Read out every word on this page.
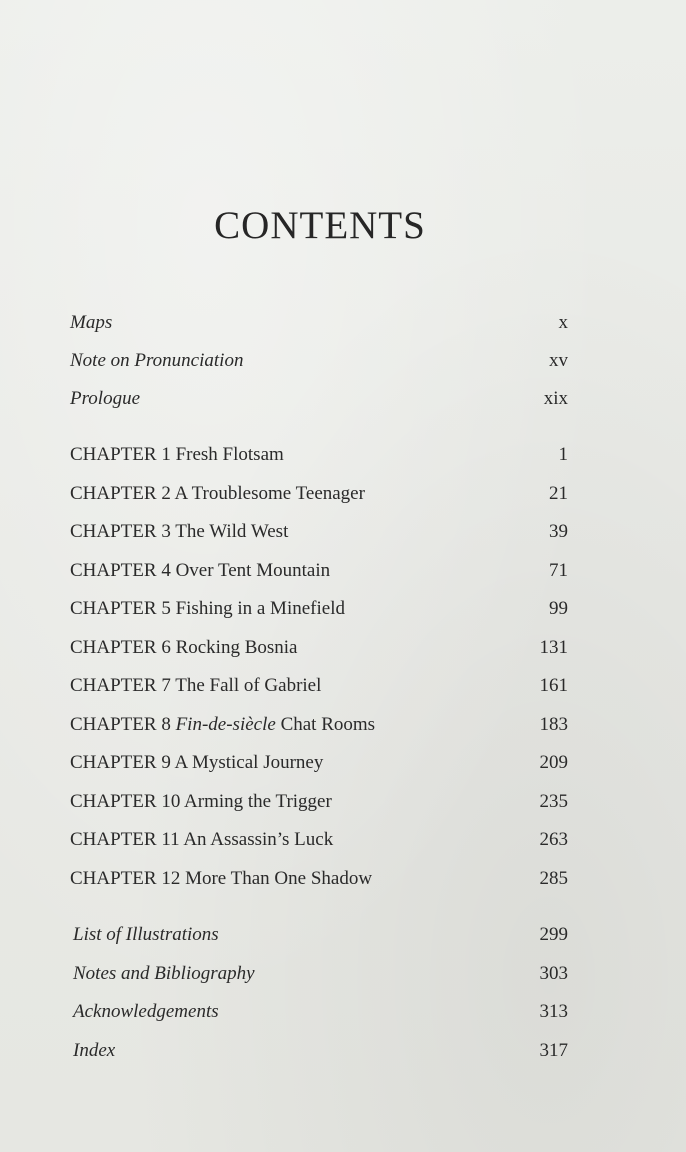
CONTENTS
Maps	x
Note on Pronunciation	xv
Prologue	xix
CHAPTER 1 Fresh Flotsam	1
CHAPTER 2 A Troublesome Teenager	21
CHAPTER 3 The Wild West	39
CHAPTER 4 Over Tent Mountain	71
CHAPTER 5 Fishing in a Minefield	99
CHAPTER 6 Rocking Bosnia	131
CHAPTER 7 The Fall of Gabriel	161
CHAPTER 8 Fin-de-siècle Chat Rooms	183
CHAPTER 9 A Mystical Journey	209
CHAPTER 10 Arming the Trigger	235
CHAPTER 11 An Assassin’s Luck	263
CHAPTER 12 More Than One Shadow	285
List of Illustrations	299
Notes and Bibliography	303
Acknowledgements	313
Index	317
